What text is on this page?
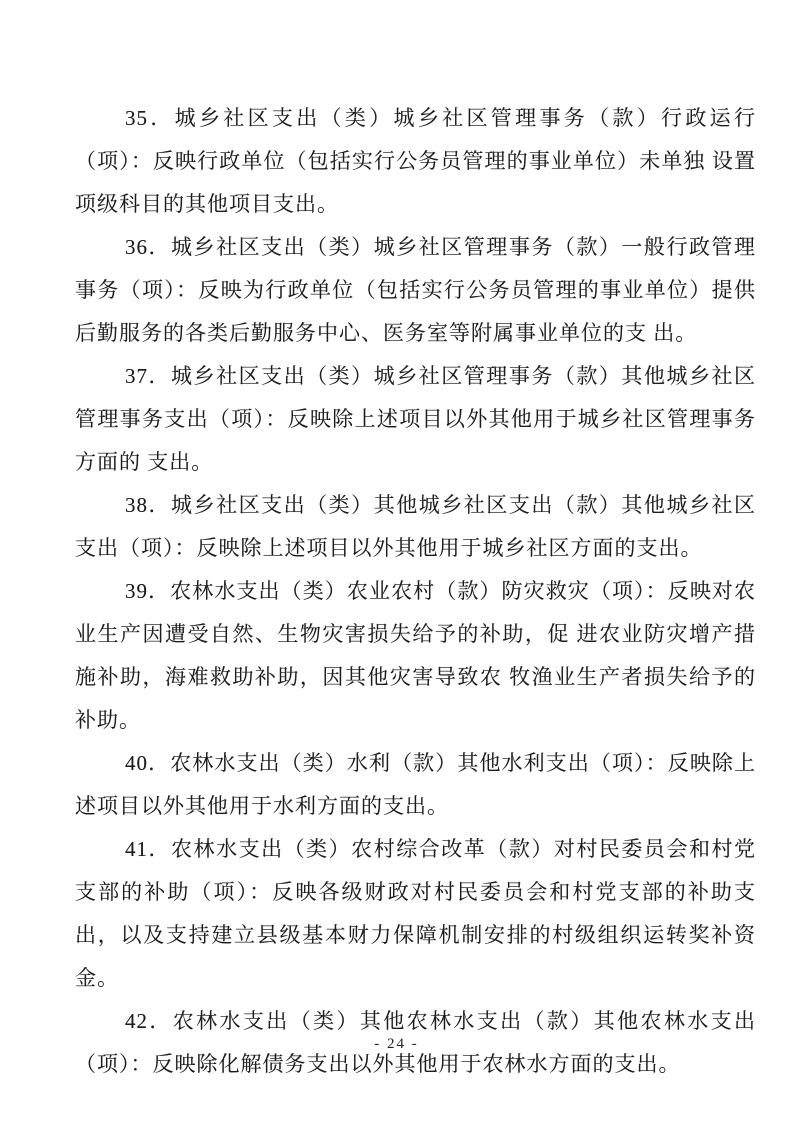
35．城乡社区支出（类）城乡社区管理事务（款）行政运行（项）：反映行政单位（包括实行公务员管理的事业单位）未单独 设置项级科目的其他项目支出。

36．城乡社区支出（类）城乡社区管理事务（款）一般行政管理事务（项）：反映为行政单位（包括实行公务员管理的事业单位）提供后勤服务的各类后勤服务中心、医务室等附属事业单位的支 出。

37．城乡社区支出（类）城乡社区管理事务（款）其他城乡社区管理事务支出（项）：反映除上述项目以外其他用于城乡社区管理事务方面的 支出。

38．城乡社区支出（类）其他城乡社区支出（款）其他城乡社区支出（项）：反映除上述项目以外其他用于城乡社区方面的支出。

39．农林水支出（类）农业农村（款）防灾救灾（项）：反映对农业生产因遭受自然、生物灾害损失给予的补助，促 进农业防灾增产措施补助，海难救助补助，因其他灾害导致农 牧渔业生产者损失给予的补助。

40．农林水支出（类）水利（款）其他水利支出（项）：反映除上述项目以外其他用于水利方面的支出。

41．农林水支出（类）农村综合改革（款）对村民委员会和村党支部的补助（项）：反映各级财政对村民委员会和村党支部的补助支出，以及支持建立县级基本财力保障机制安排的村级组织运转奖补资金。

42．农林水支出（类）其他农林水支出（款）其他农林水支出（项）：反映除化解债务支出以外其他用于农林水方面的支出。

- 24 -
